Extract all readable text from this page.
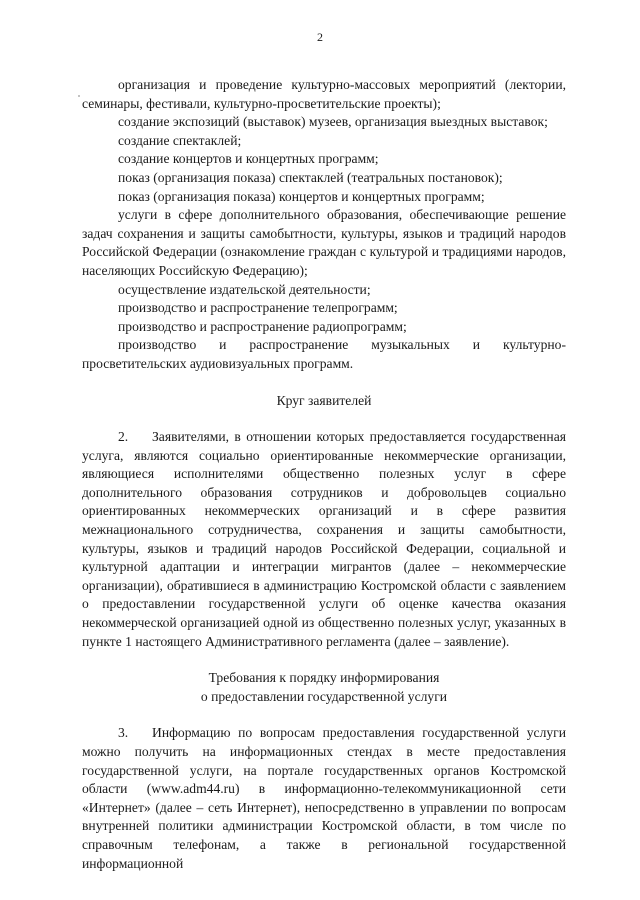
2

организация и проведение культурно-массовых мероприятий (лектории, семинары, фестивали, культурно-просветительские проекты);

создание экспозиций (выставок) музеев, организация выездных выставок;

создание спектаклей;

создание концертов и концертных программ;

показ (организация показа) спектаклей (театральных постановок);

показ (организация показа) концертов и концертных программ;

услуги в сфере дополнительного образования, обеспечивающие решение задач сохранения и защиты самобытности, культуры, языков и традиций народов Российской Федерации (ознакомление граждан с культурой и традициями народов, населяющих Российскую Федерацию);

осуществление издательской деятельности;

производство и распространение телепрограмм;

производство и распространение радиопрограмм;

производство и распространение музыкальных и культурно-просветительских аудиовизуальных программ.

Круг заявителей

2. Заявителями, в отношении которых предоставляется государственная услуга, являются социально ориентированные некоммерческие организации, являющиеся исполнителями общественно полезных услуг в сфере дополнительного образования сотрудников и добровольцев социально ориентированных некоммерческих организаций и в сфере развития межнационального сотрудничества, сохранения и защиты самобытности, культуры, языков и традиций народов Российской Федерации, социальной и культурной адаптации и интеграции мигрантов (далее – некоммерческие организации), обратившиеся в администрацию Костромской области с заявлением о предоставлении государственной услуги об оценке качества оказания некоммерческой организацией одной из общественно полезных услуг, указанных в пункте 1 настоящего Административного регламента (далее – заявление).

Требования к порядку информирования
о предоставлении государственной услуги

3. Информацию по вопросам предоставления государственной услуги можно получить на информационных стендах в месте предоставления государственной услуги, на портале государственных органов Костромской области (www.adm44.ru) в информационно-телекоммуникационной сети «Интернет» (далее – сеть Интернет), непосредственно в управлении по вопросам внутренней политики администрации Костромской области, в том числе по справочным телефонам, а также в региональной государственной информационной
